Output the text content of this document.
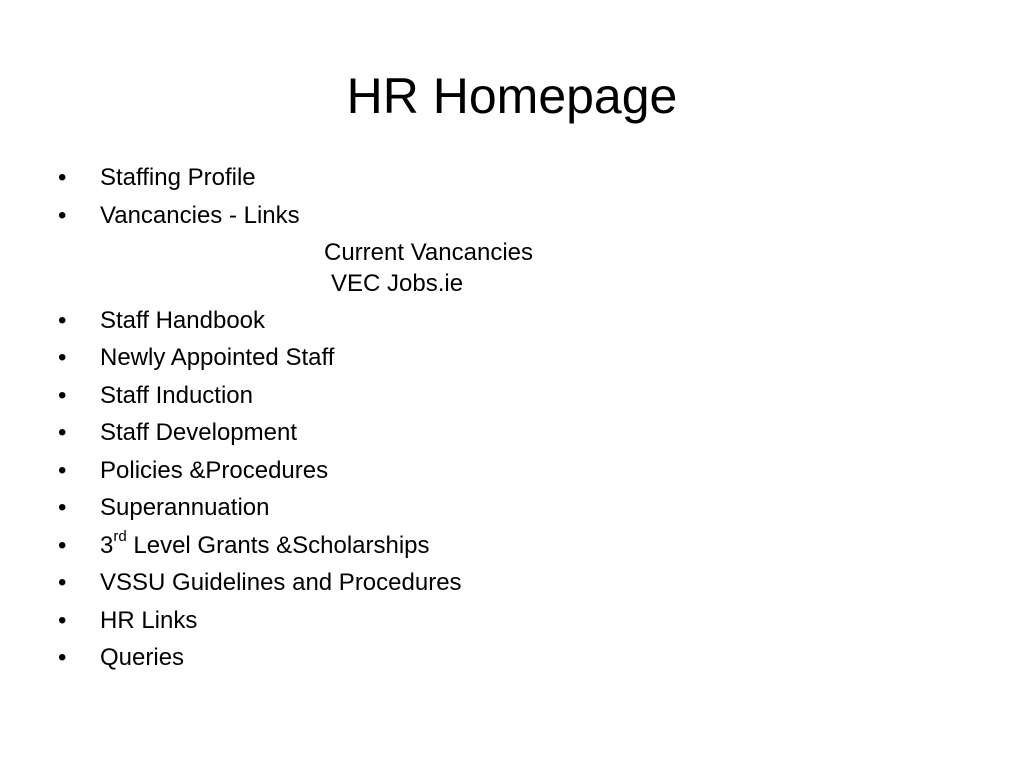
HR Homepage
• Staffing Profile
• Vancancies - Links
Current Vancancies
VEC Jobs.ie
• Staff Handbook
• Newly Appointed Staff
• Staff Induction
• Staff Development
• Policies &Procedures
• Superannuation
• 3rd Level Grants &Scholarships
• VSSU Guidelines and Procedures
• HR Links
• Queries
